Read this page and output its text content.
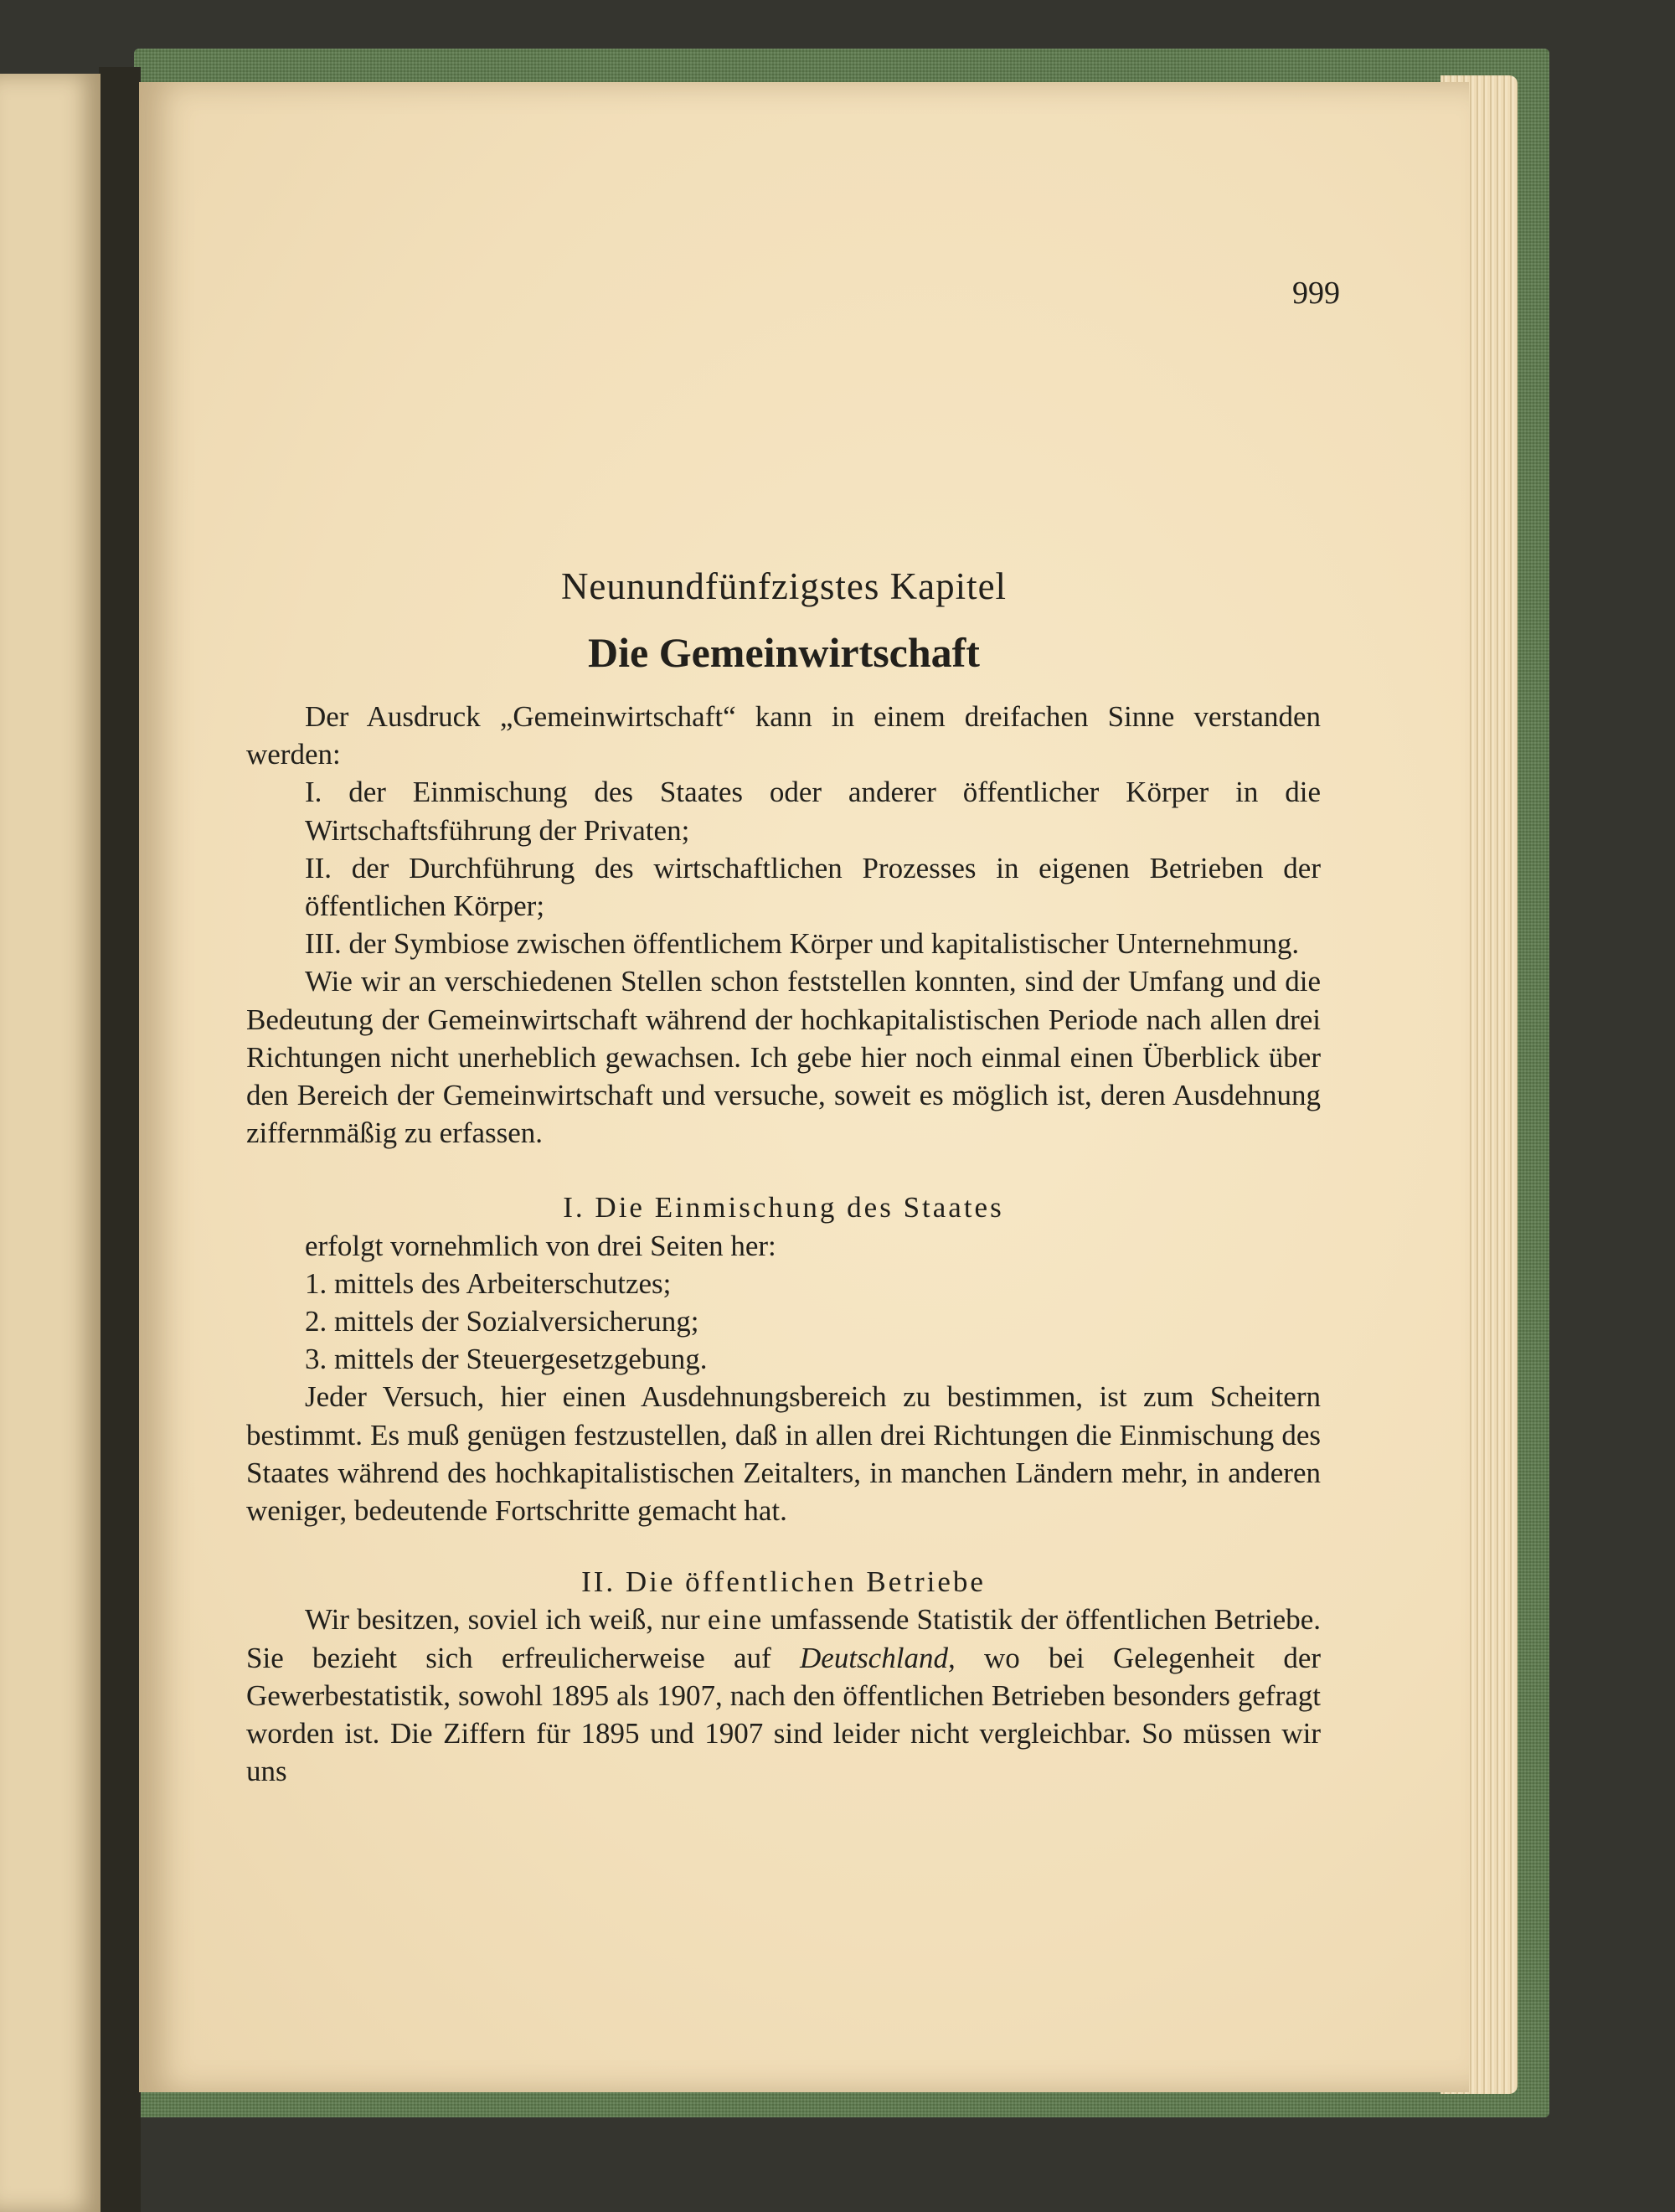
999
Neunundfünfzigstes Kapitel
Die Gemeinwirtschaft

Der Ausdruck „Gemeinwirtschaft“ kann in einem dreifachen Sinne verstanden werden:

I. der Einmischung des Staates oder anderer öffentlicher Körper in die Wirtschaftsführung der Privaten;

II. der Durchführung des wirtschaftlichen Prozesses in eigenen Betrieben der öffentlichen Körper;

III. der Symbiose zwischen öffentlichem Körper und kapitalistischer Unternehmung.

Wie wir an verschiedenen Stellen schon feststellen konnten, sind der Umfang und die Bedeutung der Gemeinwirtschaft während der hochkapitalistischen Periode nach allen drei Richtungen nicht unerheblich gewachsen. Ich gebe hier noch einmal einen Überblick über den Bereich der Gemeinwirtschaft und versuche, soweit es möglich ist, deren Ausdehnung ziffernmäßig zu erfassen.

I. Die Einmischung des Staates

erfolgt vornehmlich von drei Seiten her:

1. mittels des Arbeiterschutzes;

2. mittels der Sozialversicherung;

3. mittels der Steuergesetzgebung.

Jeder Versuch, hier einen Ausdehnungsbereich zu bestimmen, ist zum Scheitern bestimmt. Es muß genügen festzustellen, daß in allen drei Richtungen die Einmischung des Staates während des hochkapitalistischen Zeitalters, in manchen Ländern mehr, in anderen weniger, bedeutende Fortschritte gemacht hat.

II. Die öffentlichen Betriebe

Wir besitzen, soviel ich weiß, nur eine umfassende Statistik der öffentlichen Betriebe. Sie bezieht sich erfreulicherweise auf Deutschland, wo bei Gelegenheit der Gewerbestatistik, sowohl 1895 als 1907, nach den öffentlichen Betrieben besonders gefragt worden ist. Die Ziffern für 1895 und 1907 sind leider nicht vergleichbar. So müssen wir uns
